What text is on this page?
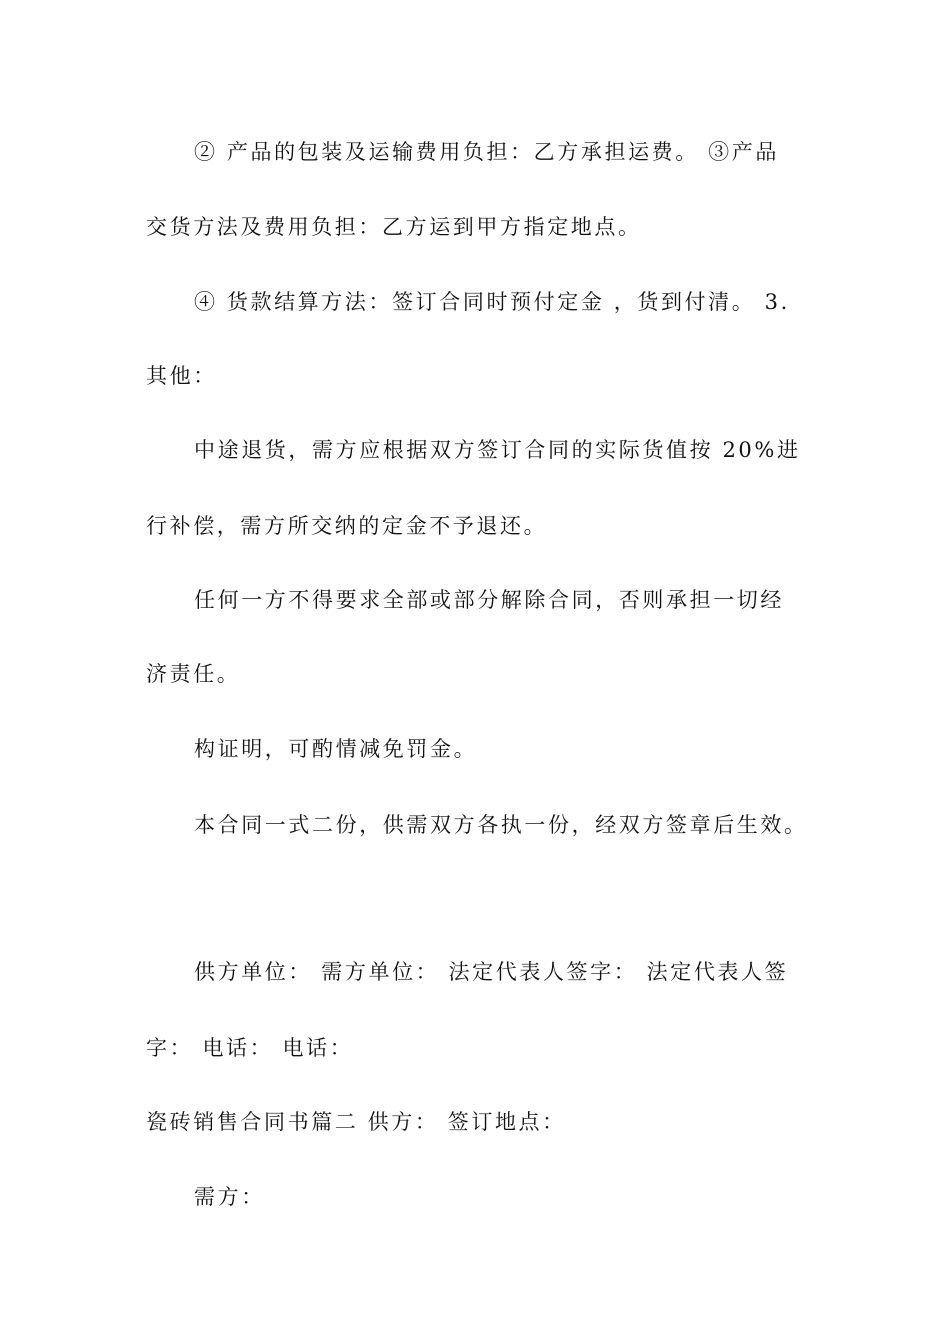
② 产品的包装及运输费用负担：乙方承担运费。 ③产品
交货方法及费用负担：乙方运到甲方指定地点。
④ 货款结算方法：签订合同时预付定金 ，货到付清。 3.
其他：
中途退货，需方应根据双方签订合同的实际货值按 20%进
行补偿，需方所交纳的定金不予退还。
任何一方不得要求全部或部分解除合同，否则承担一切经
济责任。
构证明，可酌情减免罚金。
本合同一式二份，供需双方各执一份，经双方签章后生效。
供方单位： 需方单位： 法定代表人签字： 法定代表人签
字： 电话： 电话：
瓷砖销售合同书篇二 供方： 签订地点：
需方：
